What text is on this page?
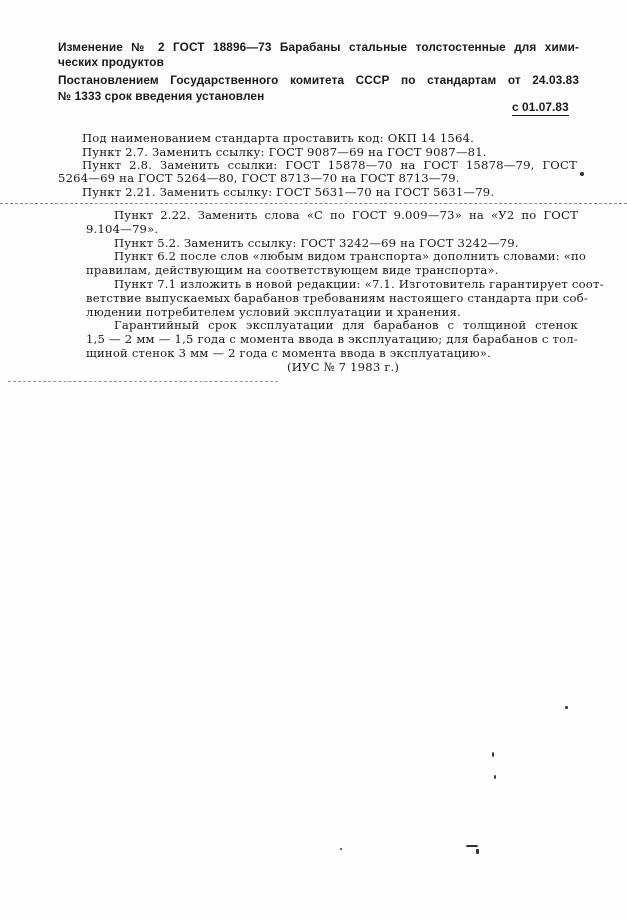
Изменение № 2 ГОСТ 18896—73 Барабаны стальные толстостенные для хими-
ческих продуктов
Постановлением Государственного комитета СССР по стандартам от 24.03.83
№ 1333 срок введения установлен
с 01.07.83
Под наименованием стандарта проставить код: ОКП 14 1564.
Пункт 2.7. Заменить ссылку: ГОСТ 9087—69 на ГОСТ 9087—81.
Пункт 2.8. Заменить ссылки: ГОСТ 15878—70 на ГОСТ 15878—79, ГОСТ
5264—69 на ГОСТ 5264—80, ГОСТ 8713—70 на ГОСТ 8713—79.
Пункт 2.21. Заменить ссылку: ГОСТ 5631—70 на ГОСТ 5631—79.
Пункт 2.22. Заменить слова «С по ГОСТ 9.009—73» на «У2 по ГОСТ
9.104—79».
Пункт 5.2. Заменить ссылку: ГОСТ 3242—69 на ГОСТ 3242—79.
Пункт 6.2 после слов «любым видом транспорта» дополнить словами: «по
правилам, действующим на соответствующем виде транспорта».
Пункт 7.1 изложить в новой редакции: «7.1. Изготовитель гарантирует соот-
ветствие выпускаемых барабанов требованиям настоящего стандарта при соб-
людении потребителем условий эксплуатации и хранения.
Гарантийный срок эксплуатации для барабанов с толщиной стенок
1,5 — 2 мм — 1,5 года с момента ввода в эксплуатацию; для барабанов с тол-
щиной стенок 3 мм — 2 года с момента ввода в эксплуатацию».
(ИУС № 7 1983 г.)
